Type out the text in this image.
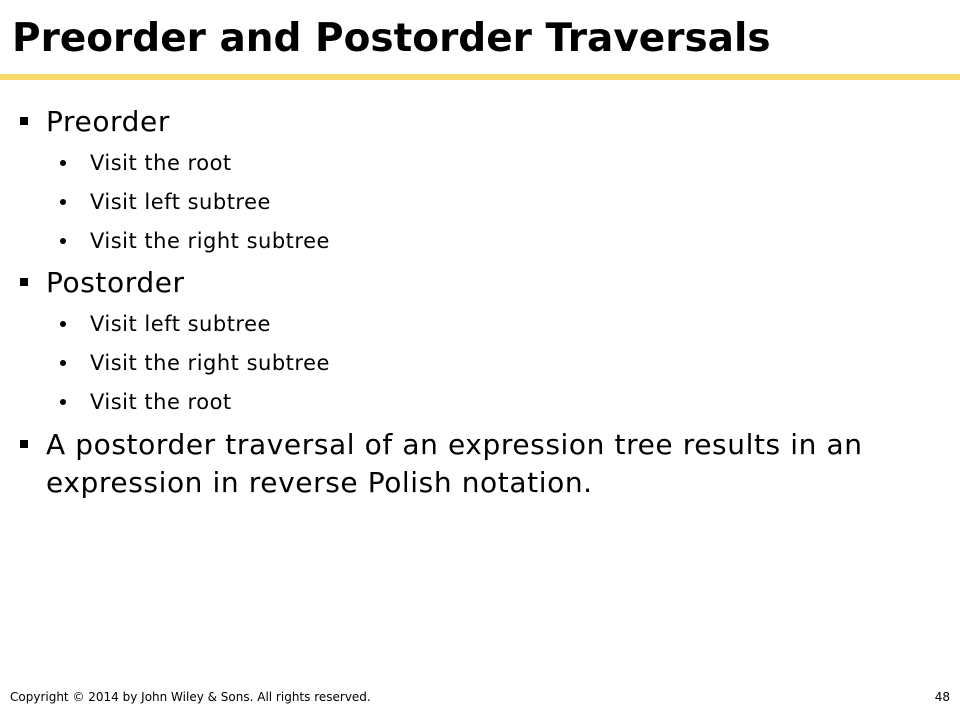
Preorder and Postorder Traversals
Preorder
Visit the root
Visit left subtree
Visit the right subtree
Postorder
Visit left subtree
Visit the right subtree
Visit the root
A postorder traversal of an expression tree results in an expression in reverse Polish notation.
Copyright © 2014 by John Wiley & Sons. All rights reserved.	48
